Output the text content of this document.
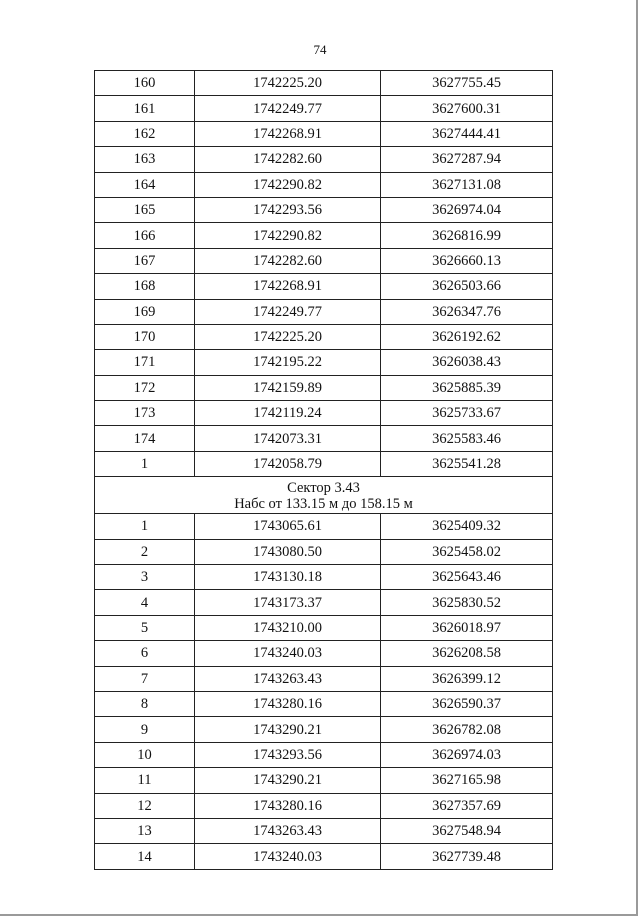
74
160	1742225.20	3627755.45
161	1742249.77	3627600.31
162	1742268.91	3627444.41
163	1742282.60	3627287.94
164	1742290.82	3627131.08
165	1742293.56	3626974.04
166	1742290.82	3626816.99
167	1742282.60	3626660.13
168	1742268.91	3626503.66
169	1742249.77	3626347.76
170	1742225.20	3626192.62
171	1742195.22	3626038.43
172	1742159.89	3625885.39
173	1742119.24	3625733.67
174	1742073.31	3625583.46
1	1742058.79	3625541.28

Сектор 3.43
Набс от 133.15 м до 158.15 м		

1	1743065.61	3625409.32
2	1743080.50	3625458.02
3	1743130.18	3625643.46
4	1743173.37	3625830.52
5	1743210.00	3626018.97
6	1743240.03	3626208.58
7	1743263.43	3626399.12
8	1743280.16	3626590.37
9	1743290.21	3626782.08
10	1743293.56	3626974.03
11	1743290.21	3627165.98
12	1743280.16	3627357.69
13	1743263.43	3627548.94
14	1743240.03	3627739.48
